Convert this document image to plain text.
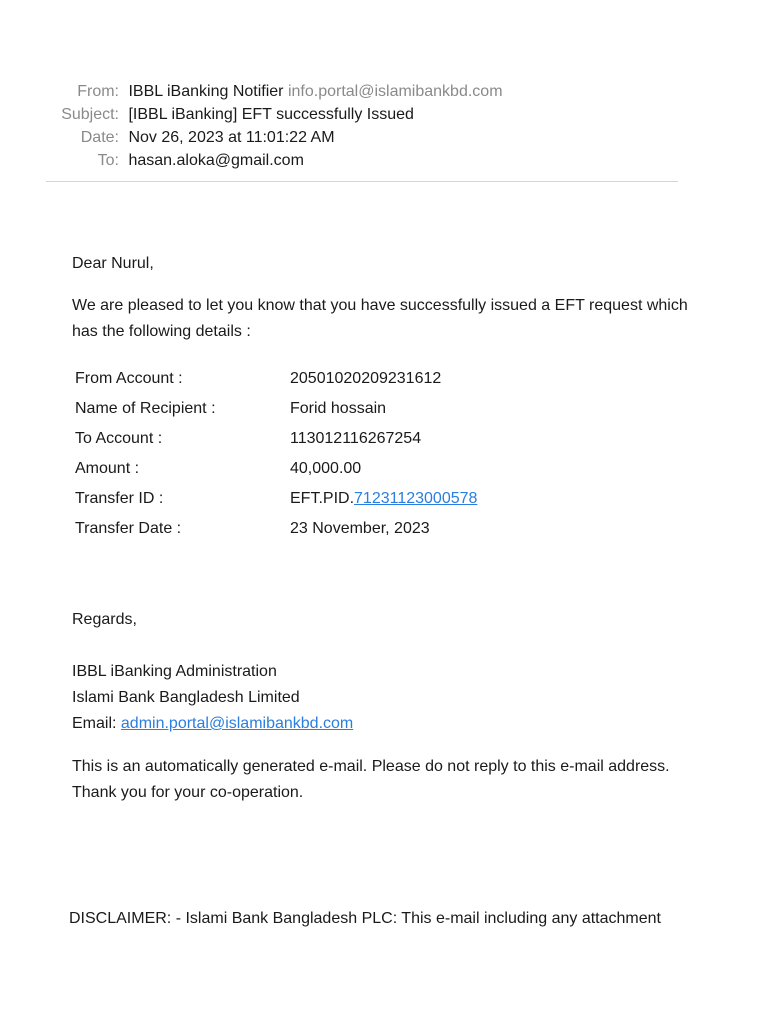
From: IBBL iBanking Notifier info.portal@islamibankbd.com
Subject: [IBBL iBanking] EFT successfully Issued
Date: Nov 26, 2023 at 11:01:22 AM
To: hasan.aloka@gmail.com
Dear Nurul,
We are pleased to let you know that you have successfully issued a EFT request which has the following details :
From Account :	20501020209231612
Name of Recipient :	Forid hossain
To Account :	113012116267254
Amount :	40,000.00
Transfer ID :	EFT.PID.71231123000578
Transfer Date :	23 November, 2023
Regards,
IBBL iBanking Administration
Islami Bank Bangladesh Limited
Email: admin.portal@islamibankbd.com
This is an automatically generated e-mail. Please do not reply to this e-mail address.
Thank you for your co-operation.
DISCLAIMER: - Islami Bank Bangladesh PLC: This e-mail including any attachment
